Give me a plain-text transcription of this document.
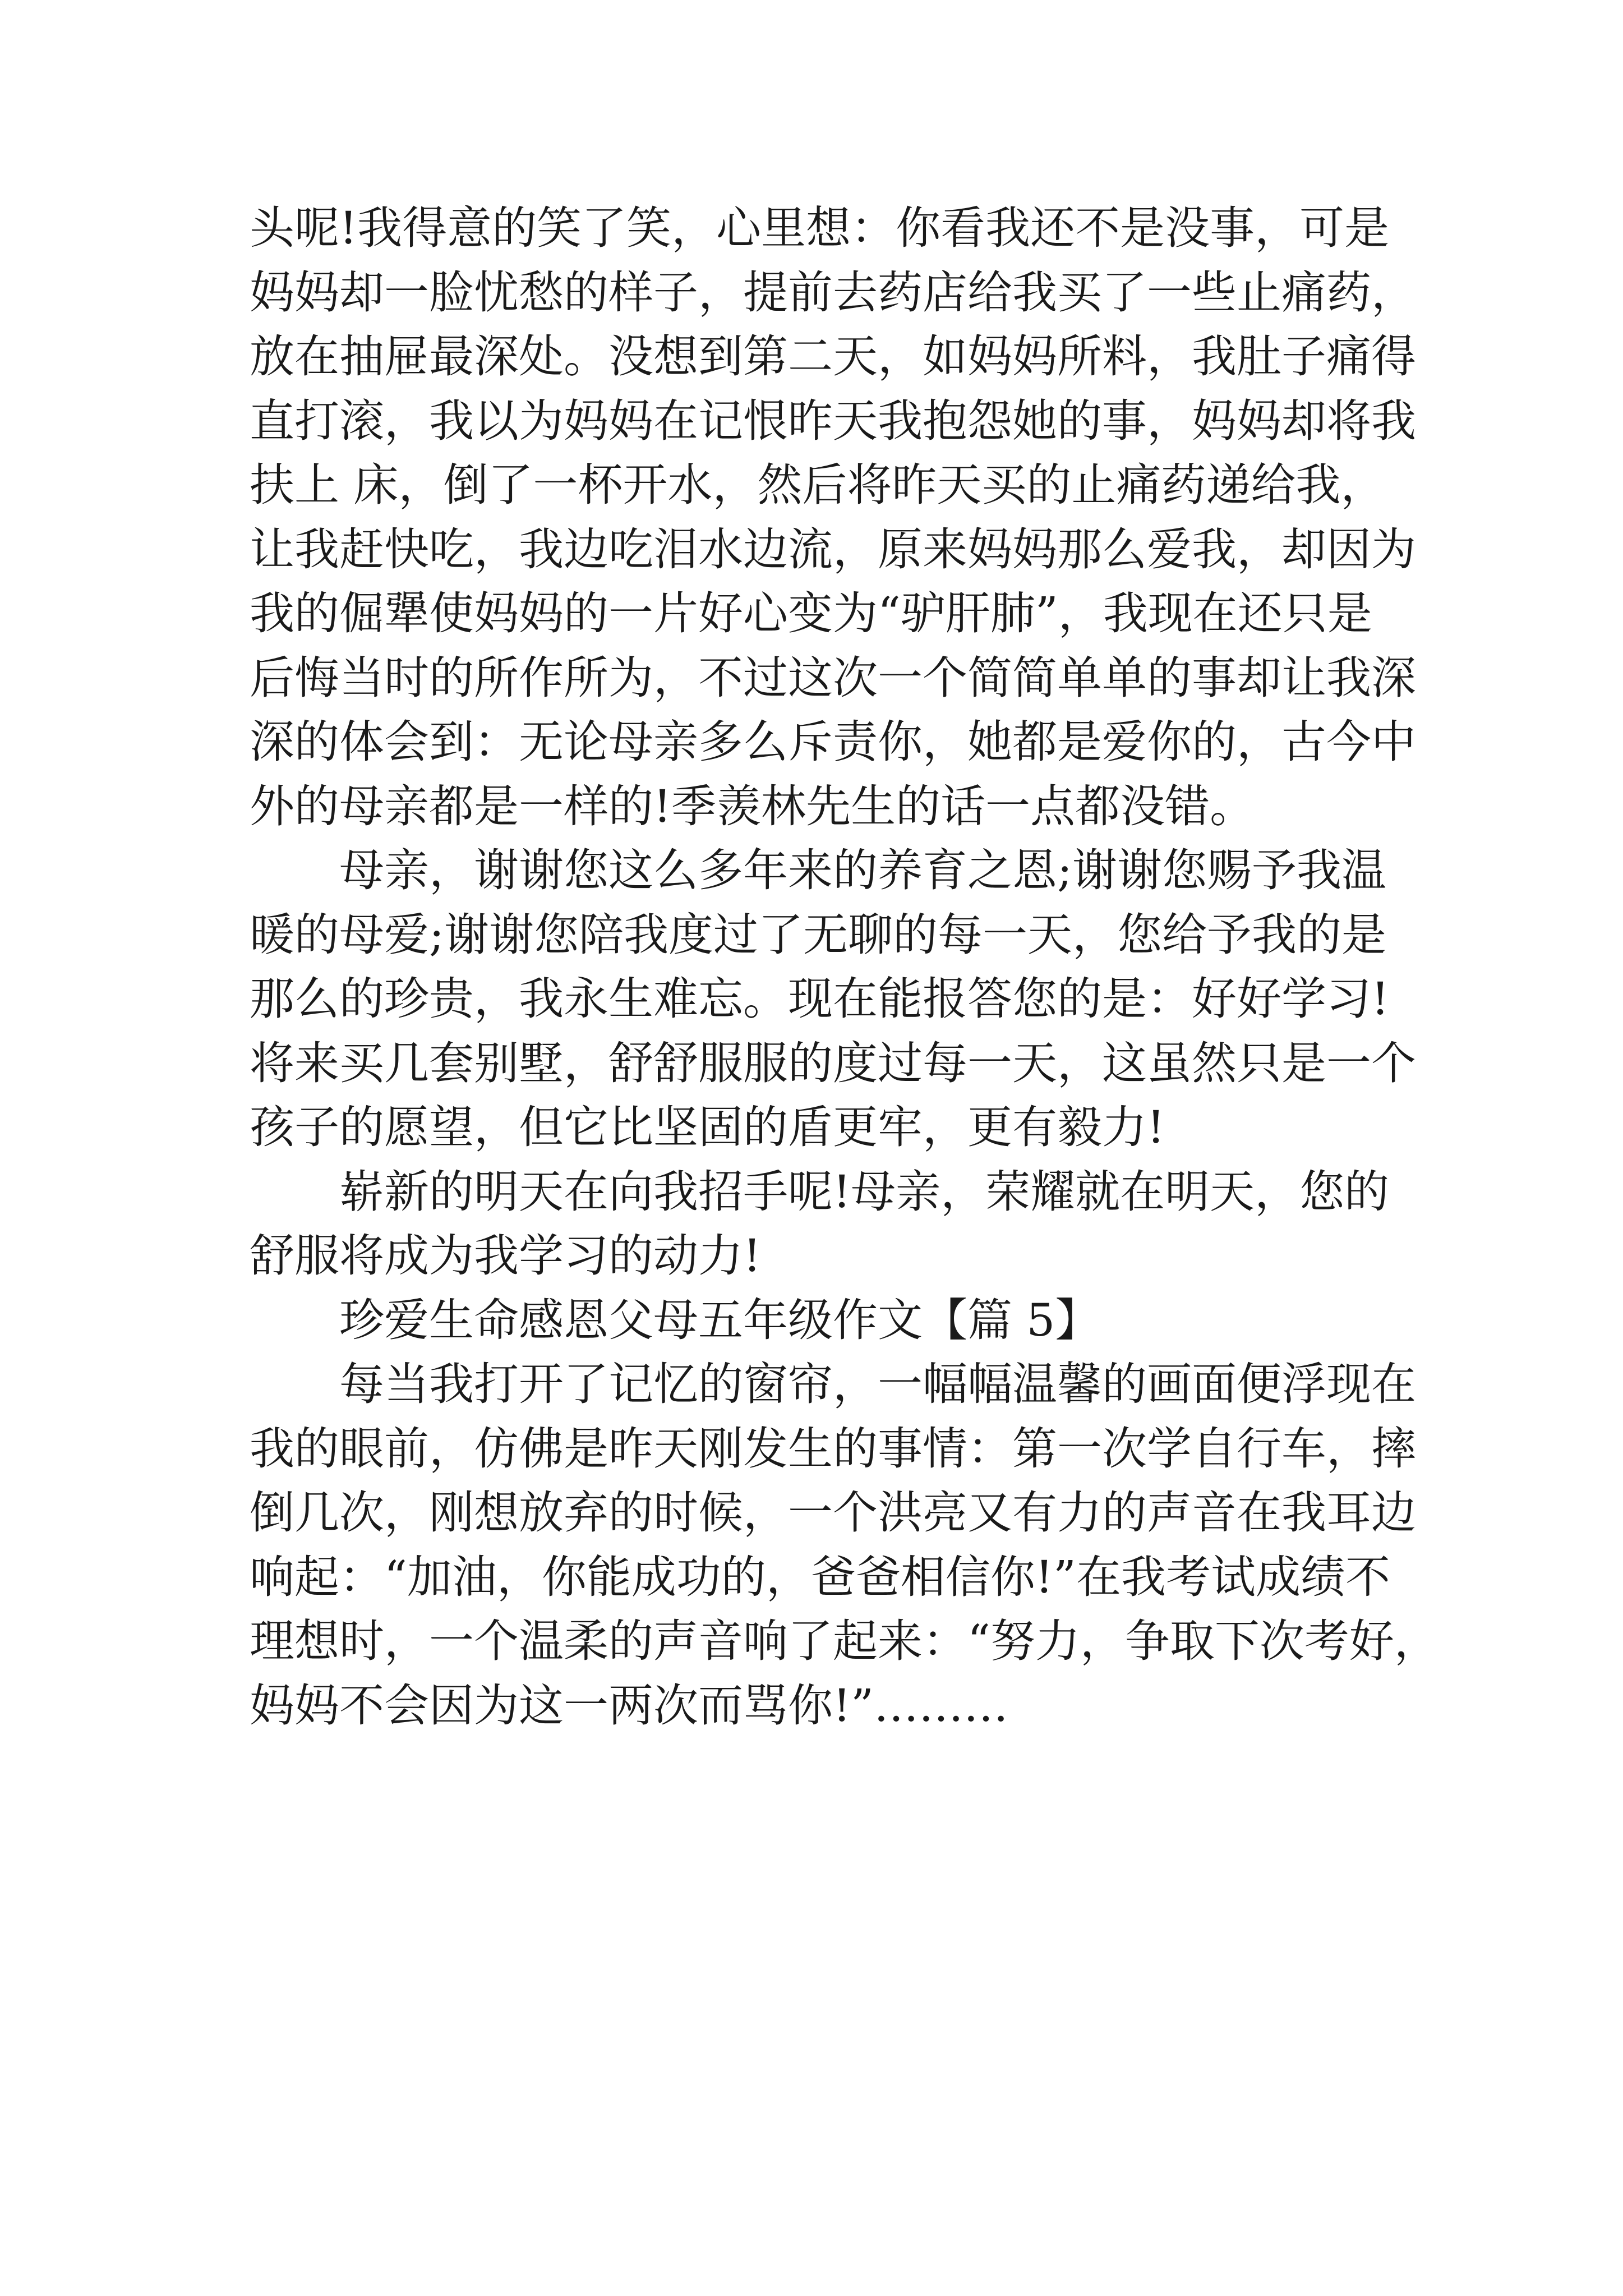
头呢!我得意的笑了笑，心里想：你看我还不是没事，可是
妈妈却一脸忧愁的样子，提前去药店给我买了一些止痛药，
放在抽屉最深处。没想到第二天，如妈妈所料，我肚子痛得
直打滚，我以为妈妈在记恨昨天我抱怨她的事，妈妈却将我
扶上 床，倒了一杯开水，然后将昨天买的止痛药递给我，
让我赶快吃，我边吃泪水边流，原来妈妈那么爱我，却因为
我的倔犟使妈妈的一片好心变为“驴肝肺”，我现在还只是
后悔当时的所作所为，不过这次一个简简单单的事却让我深
深的体会到：无论母亲多么斥责你，她都是爱你的，古今中
外的母亲都是一样的!季羡林先生的话一点都没错。
母亲，谢谢您这么多年来的养育之恩;谢谢您赐予我温
暖的母爱;谢谢您陪我度过了无聊的每一天，您给予我的是
那么的珍贵，我永生难忘。现在能报答您的是：好好学习!
将来买几套别墅，舒舒服服的度过每一天，这虽然只是一个
孩子的愿望，但它比坚固的盾更牢，更有毅力!
崭新的明天在向我招手呢!母亲，荣耀就在明天，您的
舒服将成为我学习的动力!
珍爱生命感恩父母五年级作文【篇 5】
每当我打开了记忆的窗帘，一幅幅温馨的画面便浮现在
我的眼前，仿佛是昨天刚发生的事情：第一次学自行车，摔
倒几次，刚想放弃的时候，一个洪亮又有力的声音在我耳边
响起：“加油，你能成功的，爸爸相信你!”在我考试成绩不
理想时，一个温柔的声音响了起来：“努力，争取下次考好，
妈妈不会因为这一两次而骂你!”………
